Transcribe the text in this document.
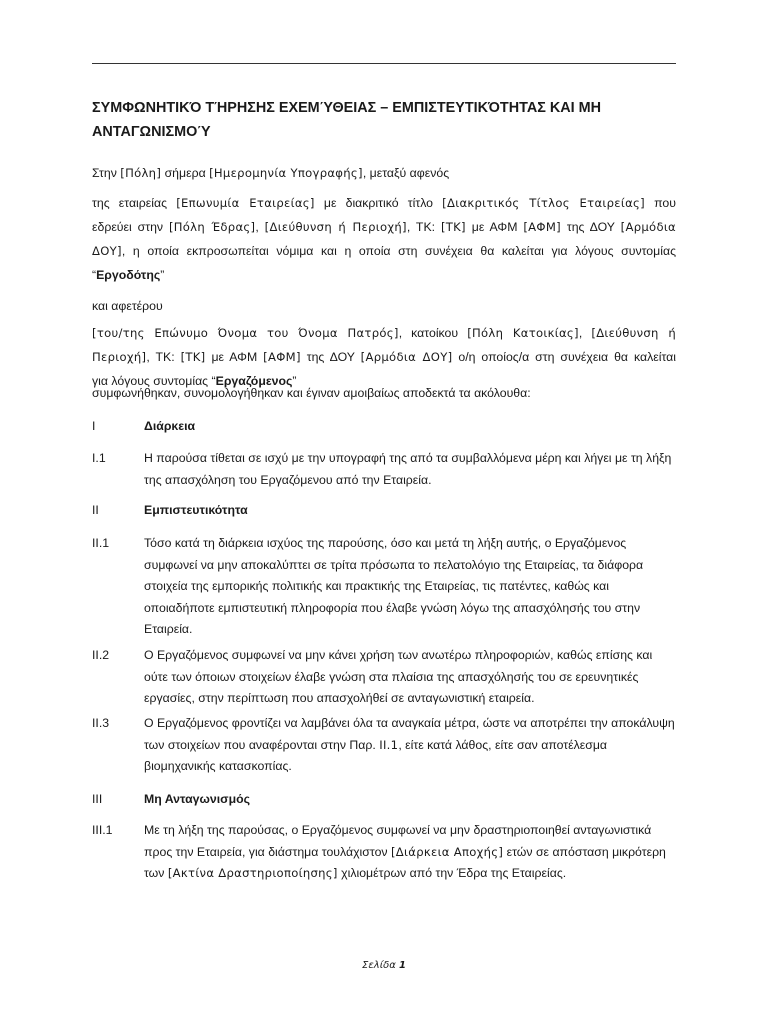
ΣΥΜΦΩΝΗΤΙΚΌ ΤΉΡΗΣΗΣ ΕΧΕΜΎΘΕΙΑΣ – ΕΜΠΙΣΤΕΥΤΙΚΌΤΗΤΑΣ ΚΑΙ ΜΗ ΑΝΤΑΓΩΝΙΣΜΟΎ

Στην [Πόλη] σήμερα [Ημερομηνία Υπογραφής], μεταξύ αφενός

της εταιρείας [Επωνυμία Εταιρείας] με διακριτικό τίτλο [Διακριτικός Τίτλος Εταιρείας] που
εδρεύει στην [Πόλη Έδρας], [Διεύθυνση ή Περιοχή], ΤΚ: [ΤΚ] με ΑΦΜ [ΑΦΜ] της ΔΟΥ [Αρμόδια
ΔΟΥ], η οποία εκπροσωπείται νόμιμα και η οποία στη συνέχεια θα καλείται για λόγους συντομίας
“Εργοδότης”

και αφετέρου

[του/της Επώνυμο Όνομα του Όνομα Πατρός], κατοίκου [Πόλη Κατοικίας], [Διεύθυνση ή
Περιοχή], ΤΚ: [ΤΚ] με ΑΦΜ [ΑΦΜ] της ΔΟΥ [Αρμόδια ΔΟΥ] ο/η οποίος/α στη συνέχεια θα καλείται
για λόγους συντομίας “Εργαζόμενος”

συμφωνήθηκαν, συνομολογήθηκαν και έγιναν αμοιβαίως αποδεκτά τα ακόλουθα:

I	Διάρκεια

I.1	Η παρούσα τίθεται σε ισχύ με την υπογραφή της από τα συμβαλλόμενα μέρη και λήγει με τη λήξη της απασχόληση του Εργαζόμενου από την Εταιρεία.

II	Εμπιστευτικότητα

II.1	Τόσο κατά τη διάρκεια ισχύος της παρούσης, όσο και μετά τη λήξη αυτής, ο Εργαζόμενος συμφωνεί να μην αποκαλύπτει σε τρίτα πρόσωπα το πελατολόγιο της Εταιρείας, τα διάφορα στοιχεία της εμπορικής πολιτικής και πρακτικής της Εταιρείας, τις πατέντες, καθώς και οποιαδήποτε εμπιστευτική πληροφορία που έλαβε γνώση λόγω της απασχόλησής του στην Εταιρεία.

II.2	Ο Εργαζόμενος συμφωνεί να μην κάνει χρήση των ανωτέρω πληροφοριών, καθώς επίσης και ούτε των όποιων στοιχείων έλαβε γνώση στα πλαίσια της απασχόλησής του σε ερευνητικές εργασίες, στην περίπτωση που απασχολήθεί σε ανταγωνιστική εταιρεία.

II.3	Ο Εργαζόμενος φροντίζει να λαμβάνει όλα τα αναγκαία μέτρα, ώστε να αποτρέπει την αποκάλυψη των στοιχείων που αναφέρονται στην Παρ. II.1, είτε κατά λάθος, είτε σαν αποτέλεσμα βιομηχανικής κατασκοπίας.

III	Μη Ανταγωνισμός

III.1	Με τη λήξη της παρούσας, ο Εργαζόμενος συμφωνεί να μην δραστηριοποιηθεί ανταγωνιστικά προς την Εταιρεία, για διάστημα τουλάχιστον [Διάρκεια Αποχής] ετών σε απόσταση μικρότερη των [Ακτίνα Δραστηριοποίησης] χιλιομέτρων από την Έδρα της Εταιρείας.

Σελίδα 1
